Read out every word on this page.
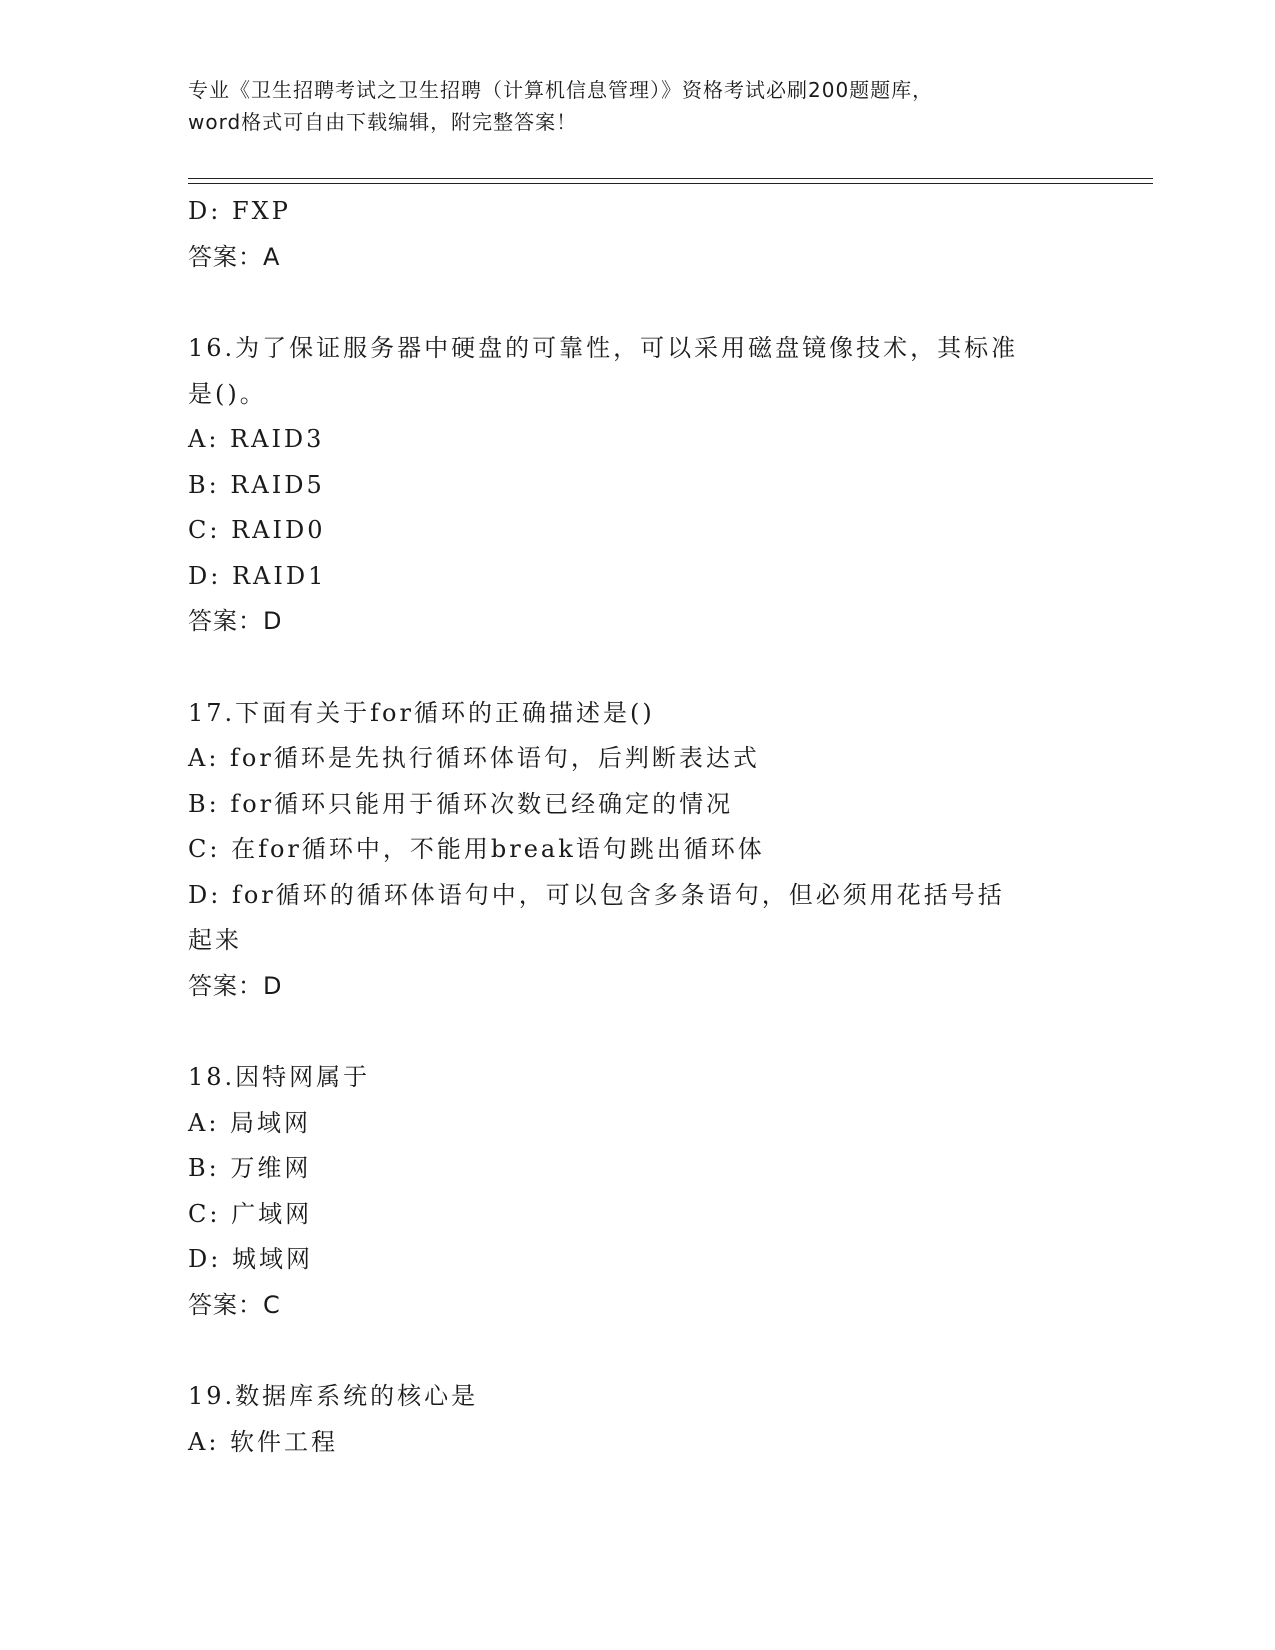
专业《卫生招聘考试之卫生招聘（计算机信息管理）》资格考试必刷200题题库，
word格式可自由下载编辑，附完整答案！
D: FXP
答案：A
16.为了保证服务器中硬盘的可靠性，可以采用磁盘镜像技术，其标准
是()。
A: RAID3
B: RAID5
C: RAID0
D: RAID1
答案：D
17.下面有关于for循环的正确描述是()
A: for循环是先执行循环体语句，后判断表达式
B: for循环只能用于循环次数已经确定的情况
C: 在for循环中，不能用break语句跳出循环体
D: for循环的循环体语句中，可以包含多条语句，但必须用花括号括
起来
答案：D
18.因特网属于
A: 局域网
B: 万维网
C: 广域网
D: 城域网
答案：C
19.数据库系统的核心是
A: 软件工程
